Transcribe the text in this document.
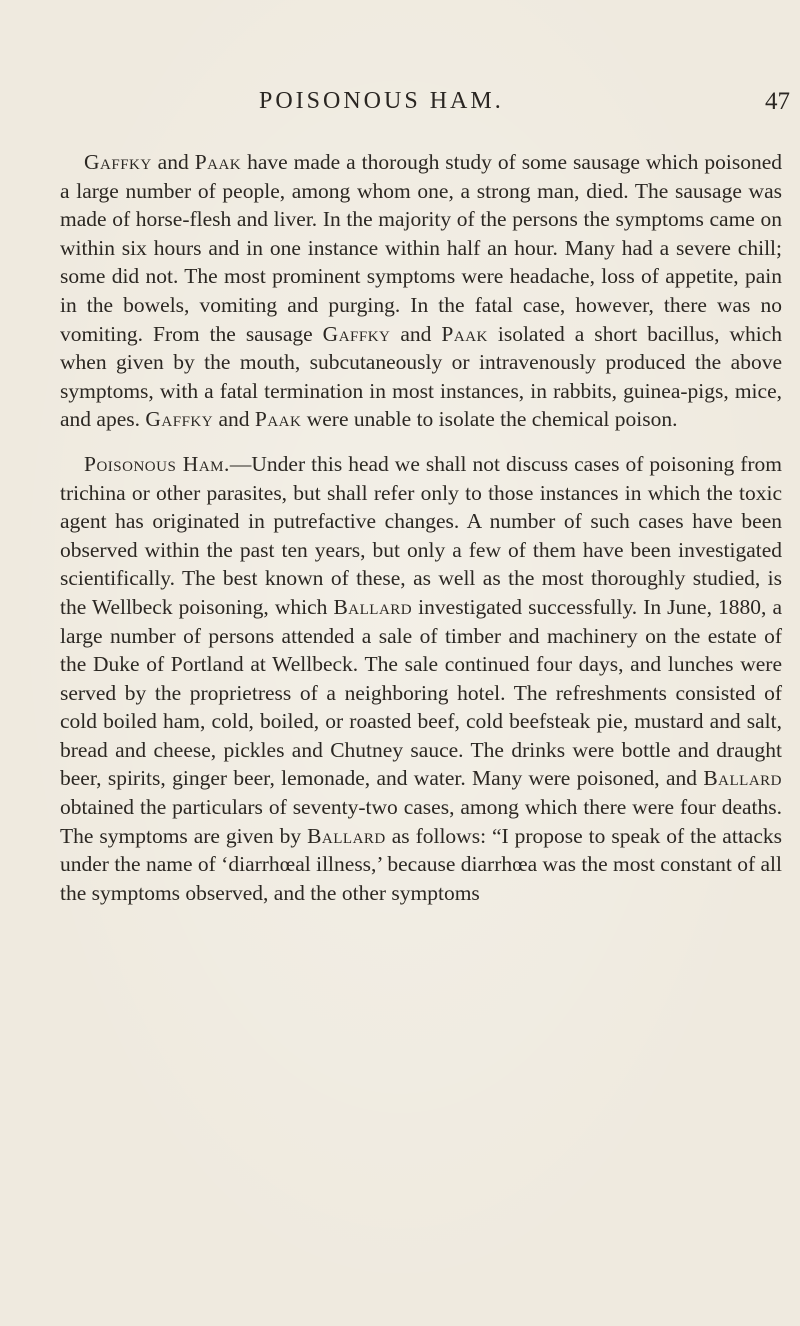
POISONOUS HAM.	47

Gaffky and Paak have made a thorough study of some sausage which poisoned a large number of people, among whom one, a strong man, died. The sausage was made of horse-flesh and liver. In the majority of the persons the symptoms came on within six hours and in one instance within half an hour. Many had a severe chill; some did not. The most prominent symptoms were headache, loss of appetite, pain in the bowels, vomiting and purging. In the fatal case, however, there was no vomiting. From the sausage Gaffky and Paak isolated a short bacillus, which when given by the mouth, subcutaneously or intravenously produced the above symptoms, with a fatal termination in most instances, in rabbits, guinea-pigs, mice, and apes. Gaffky and Paak were unable to isolate the chemical poison.

Poisonous Ham.—Under this head we shall not discuss cases of poisoning from trichina or other parasites, but shall refer only to those instances in which the toxic agent has originated in putrefactive changes. A number of such cases have been observed within the past ten years, but only a few of them have been investigated scientifically. The best known of these, as well as the most thoroughly studied, is the Wellbeck poisoning, which Ballard investigated successfully. In June, 1880, a large number of persons attended a sale of timber and machinery on the estate of the Duke of Portland at Wellbeck. The sale continued four days, and lunches were served by the proprietress of a neighboring hotel. The refreshments consisted of cold boiled ham, cold, boiled, or roasted beef, cold beefsteak pie, mustard and salt, bread and cheese, pickles and Chutney sauce. The drinks were bottle and draught beer, spirits, ginger beer, lemonade, and water. Many were poisoned, and Ballard obtained the particulars of seventy-two cases, among which there were four deaths. The symptoms are given by Ballard as follows: “I propose to speak of the attacks under the name of ‘diarrhœal illness,’ because diarrhœa was the most constant of all the symptoms observed, and the other symptoms
